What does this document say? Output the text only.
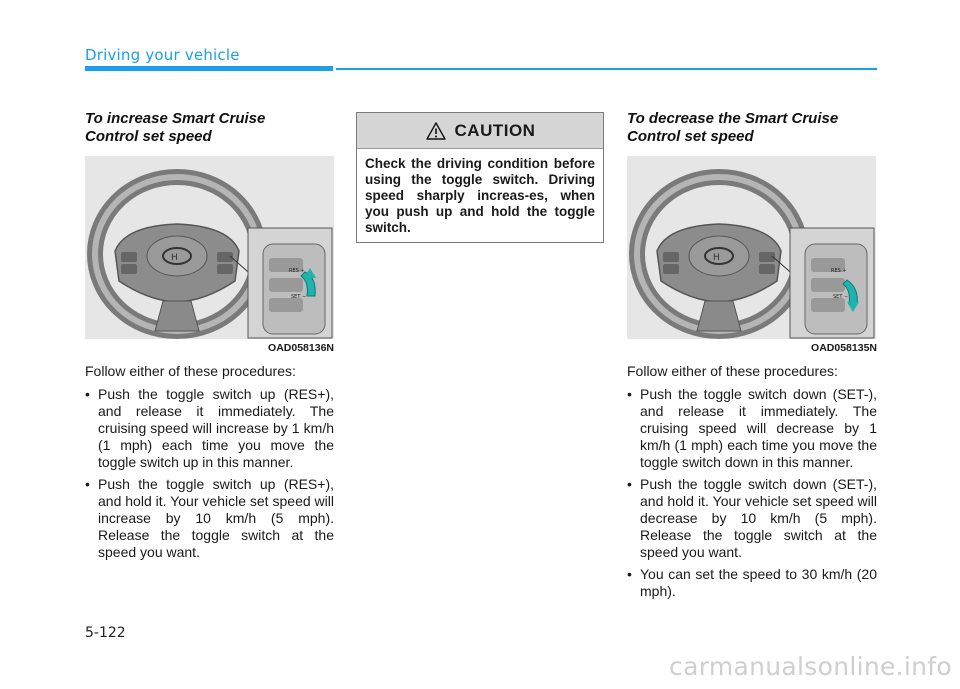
Driving your vehicle

To increase Smart Cruise
Control set speed

H
RES +
SET −
OAD058136N
Follow either of these procedures:
• Push the toggle switch up (RES+), and release it immediately. The cruising speed will increase by 1 km/h (1 mph) each time you move the toggle switch up in this manner.
• Push the toggle switch up (RES+), and hold it. Your vehicle set speed will increase by 10 km/h (5 mph). Release the toggle switch at the speed you want.
CAUTION
Check the driving condition before using the toggle switch. Driving speed sharply increas-es, when you push up and hold the toggle switch.

To decrease the Smart Cruise
Control set speed

H
RES +
SET −
OAD058135N
Follow either of these procedures:
• Push the toggle switch down (SET-), and release it immediately. The cruising speed will decrease by 1 km/h (1 mph) each time you move the toggle switch down in this manner.
• Push the toggle switch down (SET-), and hold it. Your vehicle set speed will decrease by 10 km/h (5 mph). Release the toggle switch at the speed you want.
• You can set the speed to 30 km/h (20 mph).
5-122
carmanualsonline.info
